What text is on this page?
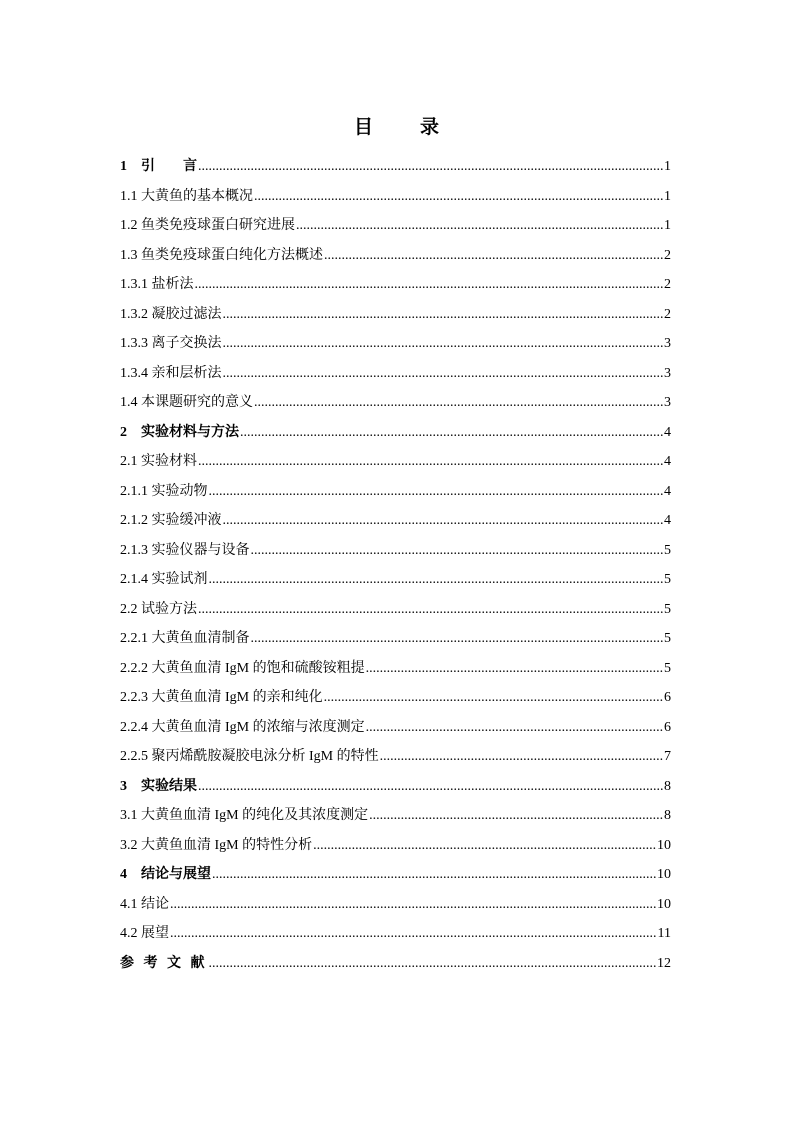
目　录
1　引　　言 .....	1
1.1 大黄鱼的基本概况 .....	1
1.2 鱼类免疫球蛋白研究进展 .....	1
1.3 鱼类免疫球蛋白纯化方法概述 .....	2
1.3.1 盐析法 .....	2
1.3.2 凝胶过滤法 .....	2
1.3.3 离子交换法 .....	3
1.3.4 亲和层析法 .....	3
1.4 本课题研究的意义 .....	3
2　实验材料与方法 .....	4
2.1 实验材料 .....	4
2.1.1 实验动物 .....	4
2.1.2 实验缓冲液 .....	4
2.1.3 实验仪器与设备 .....	5
2.1.4 实验试剂 .....	5
2.2 试验方法 .....	5
2.2.1 大黄鱼血清制备 .....	5
2.2.2 大黄鱼血清 IgM 的饱和硫酸铵粗提 .....	5
2.2.3 大黄鱼血清 IgM 的亲和纯化 .....	6
2.2.4 大黄鱼血清 IgM 的浓缩与浓度测定 .....	6
2.2.5 聚丙烯酰胺凝胶电泳分析 IgM 的特性 .....	7
3　实验结果 .....	8
3.1 大黄鱼血清 IgM 的纯化及其浓度测定 .....	8
3.2 大黄鱼血清 IgM 的特性分析 .....	10
4　结论与展望 .....	10
4.1 结论 .....	10
4.2 展望 .....	11
参 考 文 献 .....	12
